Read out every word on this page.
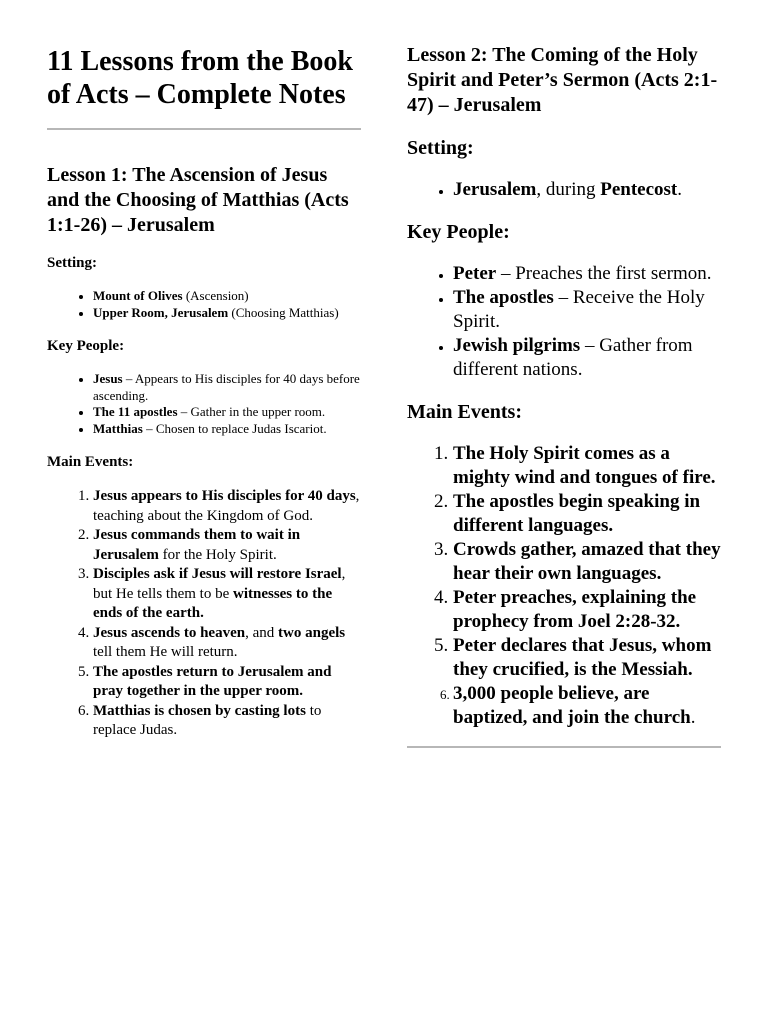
11 Lessons from the Book of Acts – Complete Notes
Lesson 1: The Ascension of Jesus and the Choosing of Matthias (Acts 1:1-26) – Jerusalem
Setting:
• Mount of Olives (Ascension)
• Upper Room, Jerusalem (Choosing Matthias)
Key People:
• Jesus – Appears to His disciples for 40 days before ascending.
• The 11 apostles – Gather in the upper room.
• Matthias – Chosen to replace Judas Iscariot.
Main Events:
1. Jesus appears to His disciples for 40 days, teaching about the Kingdom of God.
2. Jesus commands them to wait in Jerusalem for the Holy Spirit.
3. Disciples ask if Jesus will restore Israel, but He tells them to be witnesses to the ends of the earth.
4. Jesus ascends to heaven, and two angels tell them He will return.
5. The apostles return to Jerusalem and pray together in the upper room.
6. Matthias is chosen by casting lots to replace Judas.
Lesson 2: The Coming of the Holy Spirit and Peter’s Sermon (Acts 2:1-47) – Jerusalem
Setting:
• Jerusalem, during Pentecost.
Key People:
• Peter – Preaches the first sermon.
• The apostles – Receive the Holy Spirit.
• Jewish pilgrims – Gather from different nations.
Main Events:
1. The Holy Spirit comes as a mighty wind and tongues of fire.
2. The apostles begin speaking in different languages.
3. Crowds gather, amazed that they hear their own languages.
4. Peter preaches, explaining the prophecy from Joel 2:28-32.
5. Peter declares that Jesus, whom they crucified, is the Messiah.
6. 3,000 people believe, are baptized, and join the church.
